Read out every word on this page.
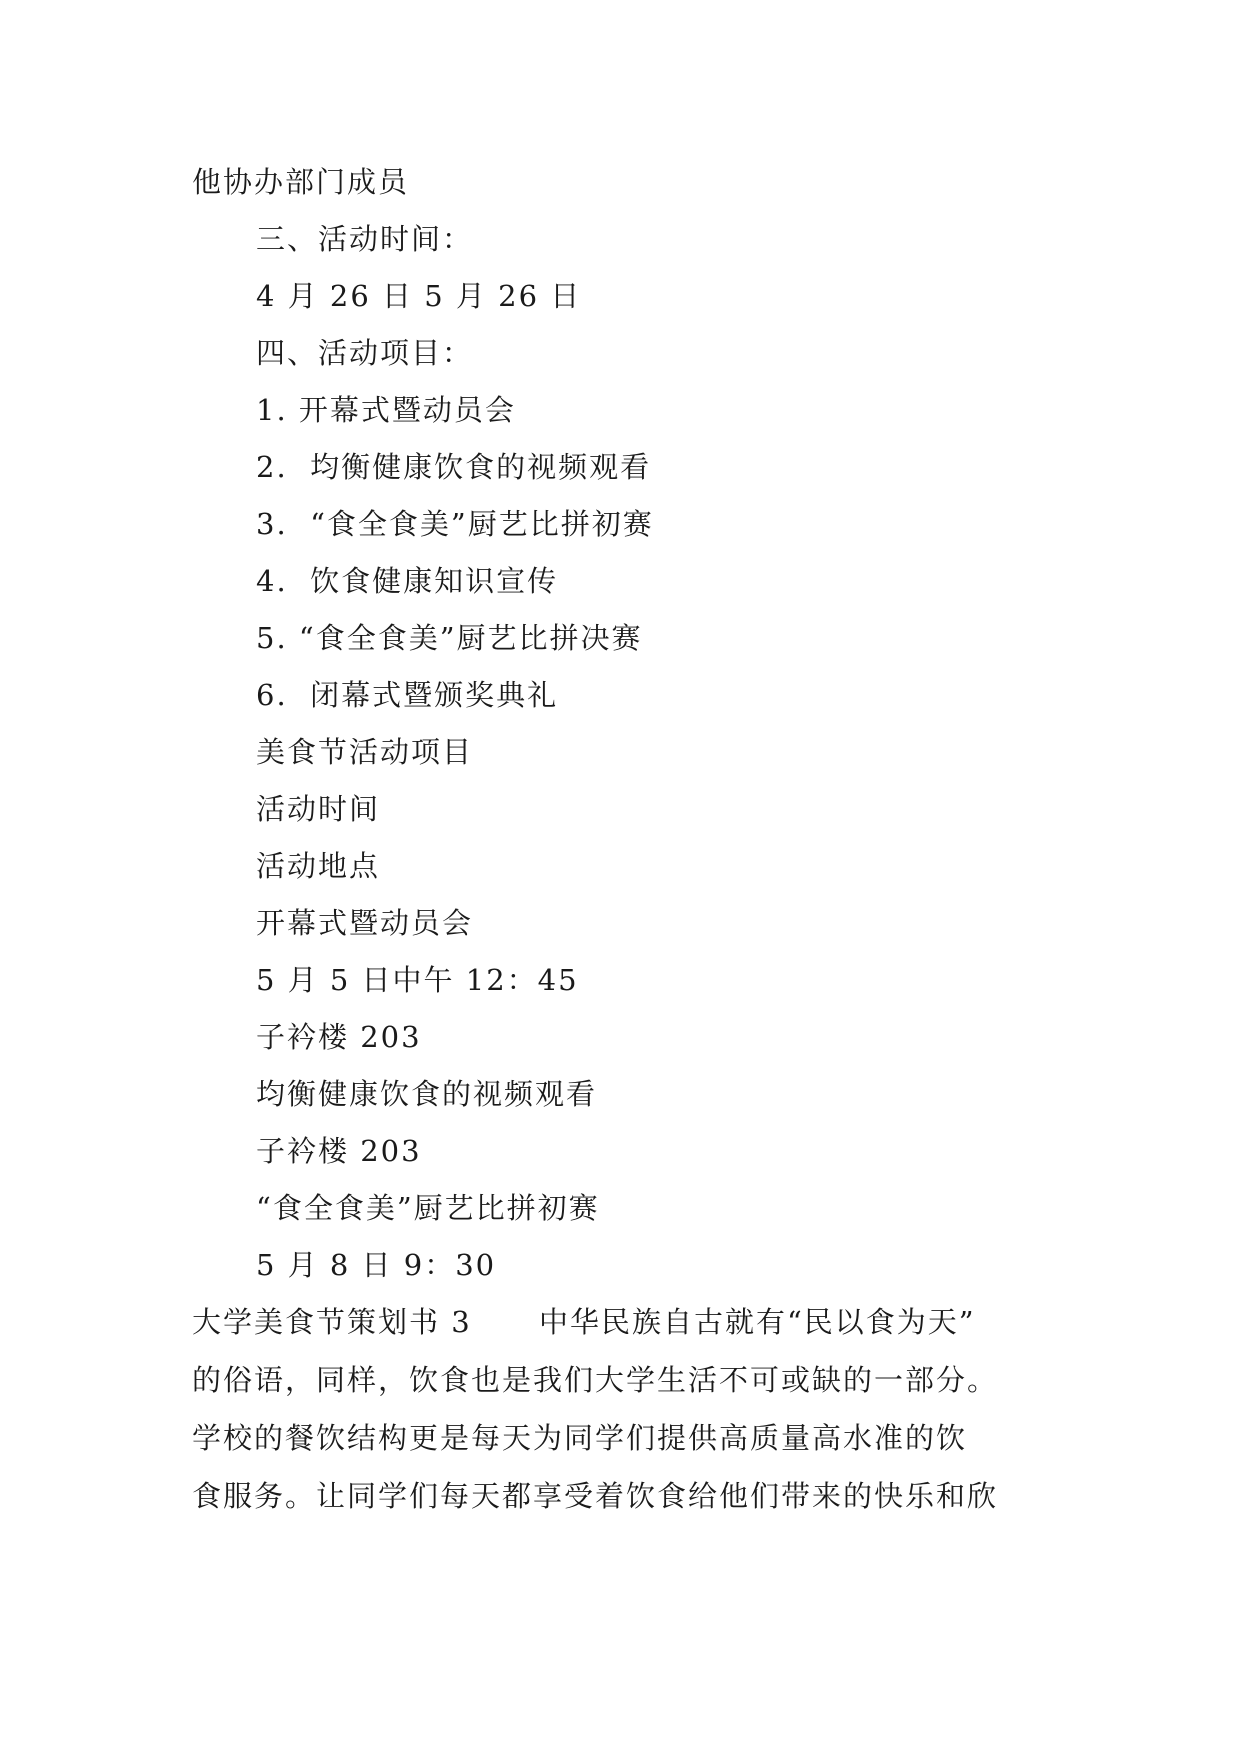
他协办部门成员
三、活动时间：
4 月 26 日 5 月 26 日
四、活动项目：
1. 开幕式暨动员会
2.  均衡健康饮食的视频观看
3.  “食全食美”厨艺比拼初赛
4.  饮食健康知识宣传
5. “食全食美”厨艺比拼决赛
6.  闭幕式暨颁奖典礼
美食节活动项目
活动时间
活动地点
开幕式暨动员会
5 月 5 日中午 12：45
子衿楼 203
均衡健康饮食的视频观看
子衿楼 203
“食全食美”厨艺比拼初赛
5 月 8 日 9：30
大学美食节策划书 3      中华民族自古就有“民以食为天”
的俗语，同样，饮食也是我们大学生活不可或缺的一部分。
学校的餐饮结构更是每天为同学们提供高质量高水准的饮
食服务。让同学们每天都享受着饮食给他们带来的快乐和欣
